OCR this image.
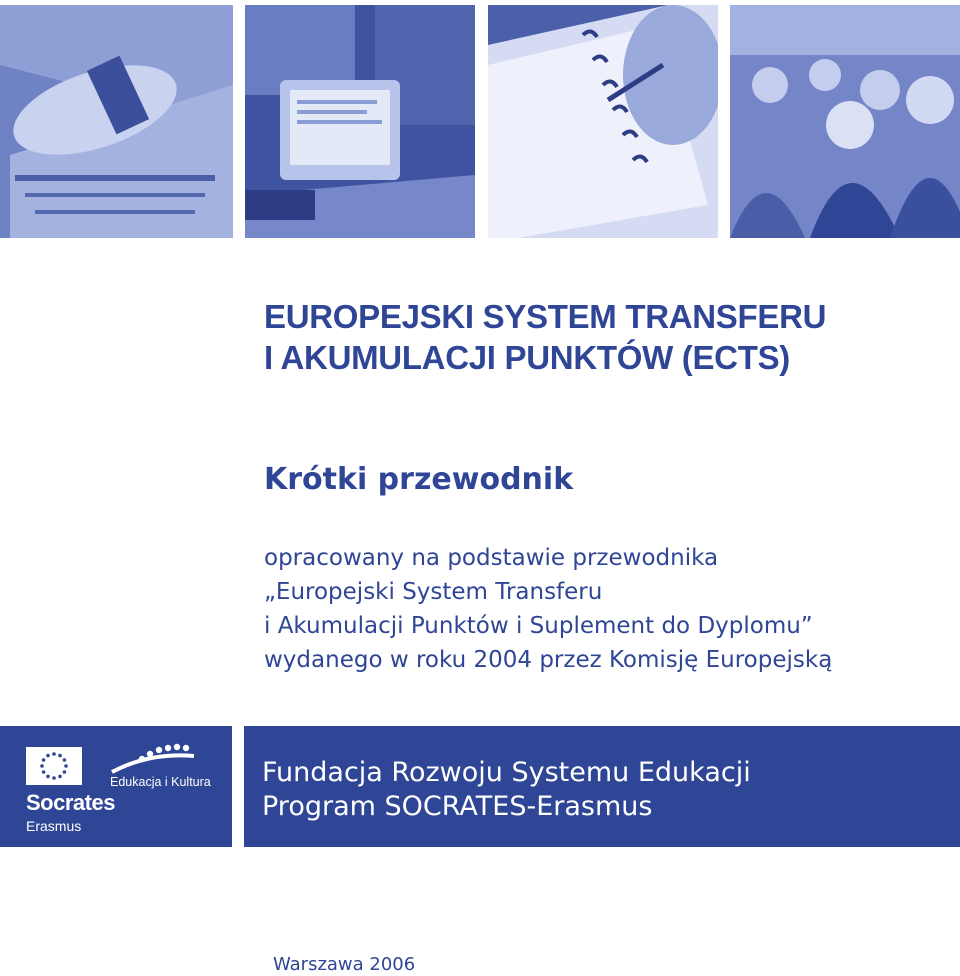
EUROPEJSKI SYSTEM TRANSFERU
I AKUMULACJI PUNKTÓW (ECTS)
Krótki przewodnik
opracowany na podstawie przewodnika
„Europejski System Transferu
i Akumulacji Punktów i Suplement do Dyplomu”
wydanego w roku 2004 przez Komisję Europejską
Socrates
Erasmus
Edukacja i Kultura Fundacja Rozwoju Systemu Edukacji
Program SOCRATES-Erasmus
Warszawa 2006
